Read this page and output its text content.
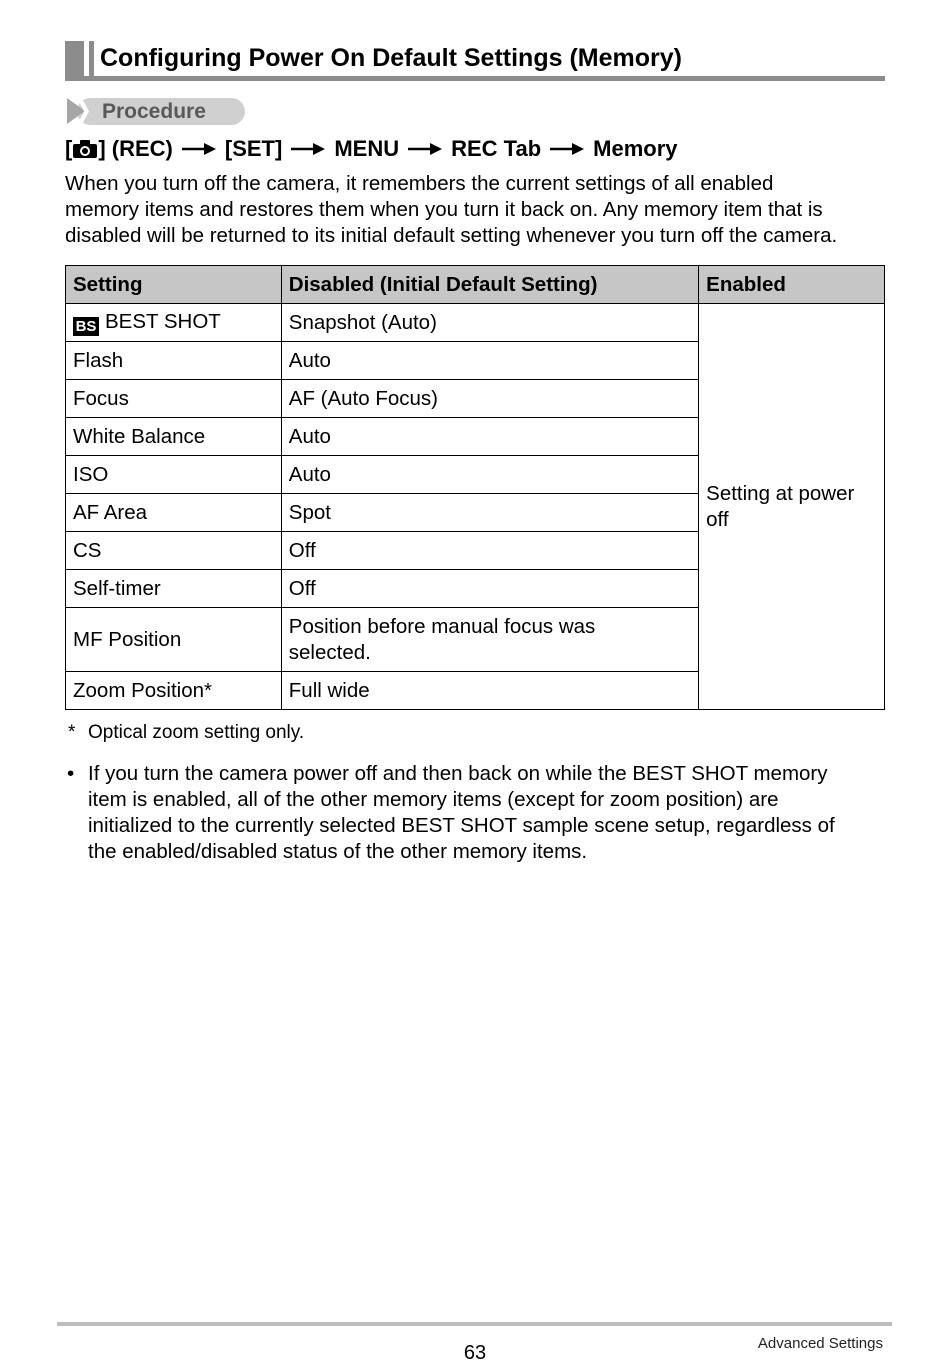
Configuring Power On Default Settings (Memory)
Procedure
[ ] (REC) [SET] MENU REC Tab Memory

When you turn off the camera, it remembers the current settings of all enabled

memory items and restores them when you turn it back on. Any memory item that is

disabled will be returned to its initial default setting whenever you turn off the camera.

Setting	Disabled (Initial Default Setting)	Enabled
BS BEST SHOT	Snapshot (Auto)	Setting at power
off
Flash	Auto	
Focus	AF (Auto Focus)	
White Balance	Auto	
ISO	Auto	
AF Area	Spot	
CS	Off	
Self-timer	Off	
MF Position	Position before manual focus was
selected.	
Zoom Position*	Full wide	
* Optical zoom setting only.
• If you turn the camera power off and then back on while the BEST SHOT memory

item is enabled, all of the other memory items (except for zoom position) are

initialized to the currently selected BEST SHOT sample scene setup, regardless of

the enabled/disabled status of the other memory items.

63	Advanced Settings
